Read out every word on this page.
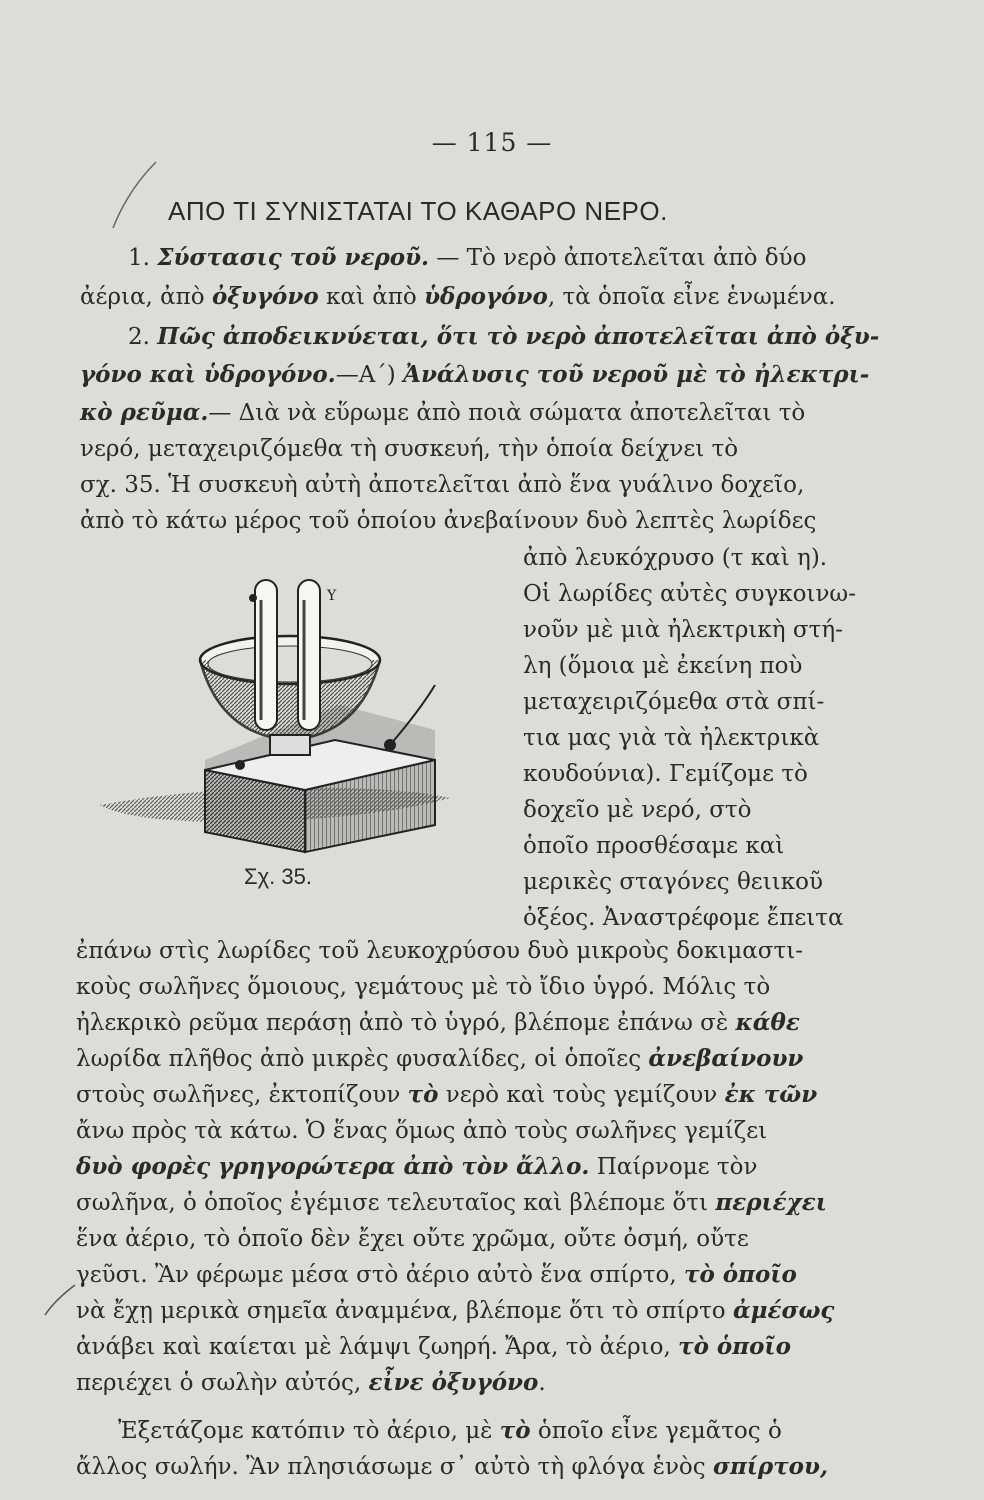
— 115 —
ΑΠΟ ΤΙ ΣΥΝΙΣΤΑΤΑΙ ΤΟ ΚΑΘΑΡΟ ΝΕΡΟ.
1. Σύστασις τοῦ νεροῦ. — Τὸ νερὸ ἀποτελεῖται ἀπὸ δύο
ἀέρια, ἀπὸ ὀξυγόνο καὶ ἀπὸ ὑδρογόνο, τὰ ὁποῖα εἶνε ἑνωμένα.
2. Πῶς ἀποδεικνύεται, ὅτι τὸ νερὸ ἀποτελεῖται ἀπὸ ὀξυ-
γόνο καὶ ὑδρογόνο.—Α΄) Ἀνάλυσις τοῦ νεροῦ μὲ τὸ ἠλεκτρι-
κὸ ρεῦμα.— Διὰ νὰ εὕρωμε ἀπὸ ποιὰ σώματα ἀποτελεῖται τὸ
νερό, μεταχειριζόμεθα τὴ συσκευή, τὴν ὁποία δείχνει τὸ
σχ. 35. Ἡ συσκευὴ αὐτὴ ἀποτελεῖται ἀπὸ ἕνα γυάλινο δοχεῖο,
ἀπὸ τὸ κάτω μέρος τοῦ ὁποίου ἀνεβαίνουν δυὸ λεπτὲς λωρίδες
Υ
Σχ. 35.
ἀπὸ λευκόχρυσο (τ καὶ η).
Οἱ λωρίδες αὐτὲς συγκοινω-
νοῦν μὲ μιὰ ἠλεκτρικὴ στή-
λη (ὅμοια μὲ ἐκείνη ποὺ
μεταχειριζόμεθα στὰ σπί-
τια μας γιὰ τὰ ἠλεκτρικὰ
κουδούνια). Γεμίζομε τὸ
δοχεῖο μὲ νερό, στὸ
ὁποῖο προσθέσαμε καὶ
μερικὲς σταγόνες θειικοῦ
ὀξέος. Ἀναστρέφομε ἔπειτα
ἐπάνω στὶς λωρίδες τοῦ λευκοχρύσου δυὸ μικροὺς δοκιμαστι-
κοὺς σωλῆνες ὅμοιους, γεμάτους μὲ τὸ ἴδιο ὑγρό. Μόλις τὸ
ἠλεκρικὸ ρεῦμα περάσῃ ἀπὸ τὸ ὑγρό, βλέπομε ἐπάνω σὲ κάθε
λωρίδα πλῆθος ἀπὸ μικρὲς φυσαλίδες, οἱ ὁποῖες ἀνεβαίνουν
στοὺς σωλῆνες, ἐκτοπίζουν τὸ νερὸ καὶ τοὺς γεμίζουν ἐκ τῶν
ἄνω πρὸς τὰ κάτω. Ὁ ἕνας ὅμως ἀπὸ τοὺς σωλῆνες γεμίζει
δυὸ φορὲς γρηγορώτερα ἀπὸ τὸν ἄλλο. Παίρνομε τὸν
σωλῆνα, ὁ ὁποῖος ἐγέμισε τελευταῖος καὶ βλέπομε ὅτι περιέχει
ἕνα ἀέριο, τὸ ὁποῖο δὲν ἔχει οὔτε χρῶμα, οὔτε ὀσμή, οὔτε
γεῦσι. Ἂν φέρωμε μέσα στὸ ἀέριο αὐτὸ ἕνα σπίρτο, τὸ ὁποῖο
νὰ ἔχῃ μερικὰ σημεῖα ἀναμμένα, βλέπομε ὅτι τὸ σπίρτο ἀμέσως
ἀνάβει καὶ καίεται μὲ λάμψι ζωηρή. Ἄρα, τὸ ἀέριο, τὸ ὁποῖο
περιέχει ὁ σωλὴν αὐτός, εἶνε ὀξυγόνο.
Ἐξετάζομε κατόπιν τὸ ἀέριο, μὲ τὸ ὁποῖο εἶνε γεμᾶτος ὁ
ἄλλος σωλήν. Ἂν πλησιάσωμε σ᾿ αὐτὸ τὴ φλόγα ἑνὸς σπίρτου,
